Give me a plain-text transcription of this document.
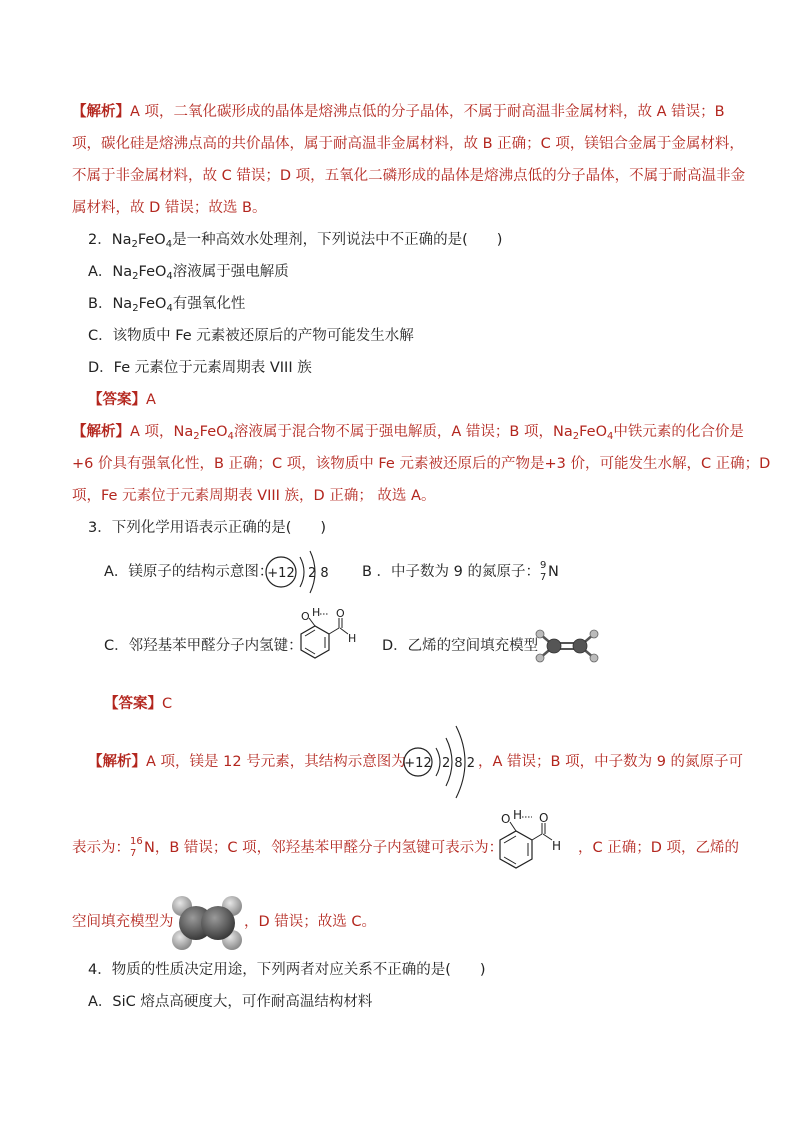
【解析】A 项，二氧化碳形成的晶体是熔沸点低的分子晶体，不属于耐高温非金属材料，故 A 错误；B
项，碳化硅是熔沸点高的共价晶体，属于耐高温非金属材料，故 B 正确；C 项，镁铝合金属于金属材料，
不属于非金属材料，故 C 错误；D 项，五氧化二磷形成的晶体是熔沸点低的分子晶体，不属于耐高温非金
属材料，故 D 错误；故选 B。
2．$Na_2FeO_4$是一种高效水处理剂，下列说法中不正确的是(　　)
A．$Na_2FeO_4$溶液属于强电解质
B．$Na_2FeO_4$有强氧化性
C．该物质中 Fe 元素被还原后的产物可能发生水解
D．Fe 元素位于元素周期表 VIII 族
【答案】A
【解析】A 项，$Na_2FeO_4$溶液属于混合物不属于强电解质，A 错误；B 项，$Na_2FeO_4$中铁元素的化合价是
+6 价具有强氧化性，B 正确；C 项，该物质中 Fe 元素被还原后的产物是+3 价，可能发生水解，C 正确；D
项，Fe 元素位于元素周期表 VIII 族，D 正确； 故选 A。
3．下列化学用语表示正确的是(　　)
A．镁原子的结构示意图：
+12 2 8 B ．中子数为 9 的氮原子： 9
7 N
C．邻羟基苯甲醛分子内氢键：
O H O
H D．乙烯的空间填充模型
【答案】C
【解析】A 项，镁是 12 号元素，其结构示意图为
+12 2 8 2 ，A 错误；B 项，中子数为 9 的氮原子可
表示为： 16
7 N，B 错误；C 项，邻羟基苯甲醛分子内氢键可表示为：
O H O
H ，C 正确；D 项，乙烯的
空间填充模型为	，D 错误；故选 C。
4．物质的性质决定用途，下列两者对应关系不正确的是(　　)
A．SiC 熔点高硬度大，可作耐高温结构材料
